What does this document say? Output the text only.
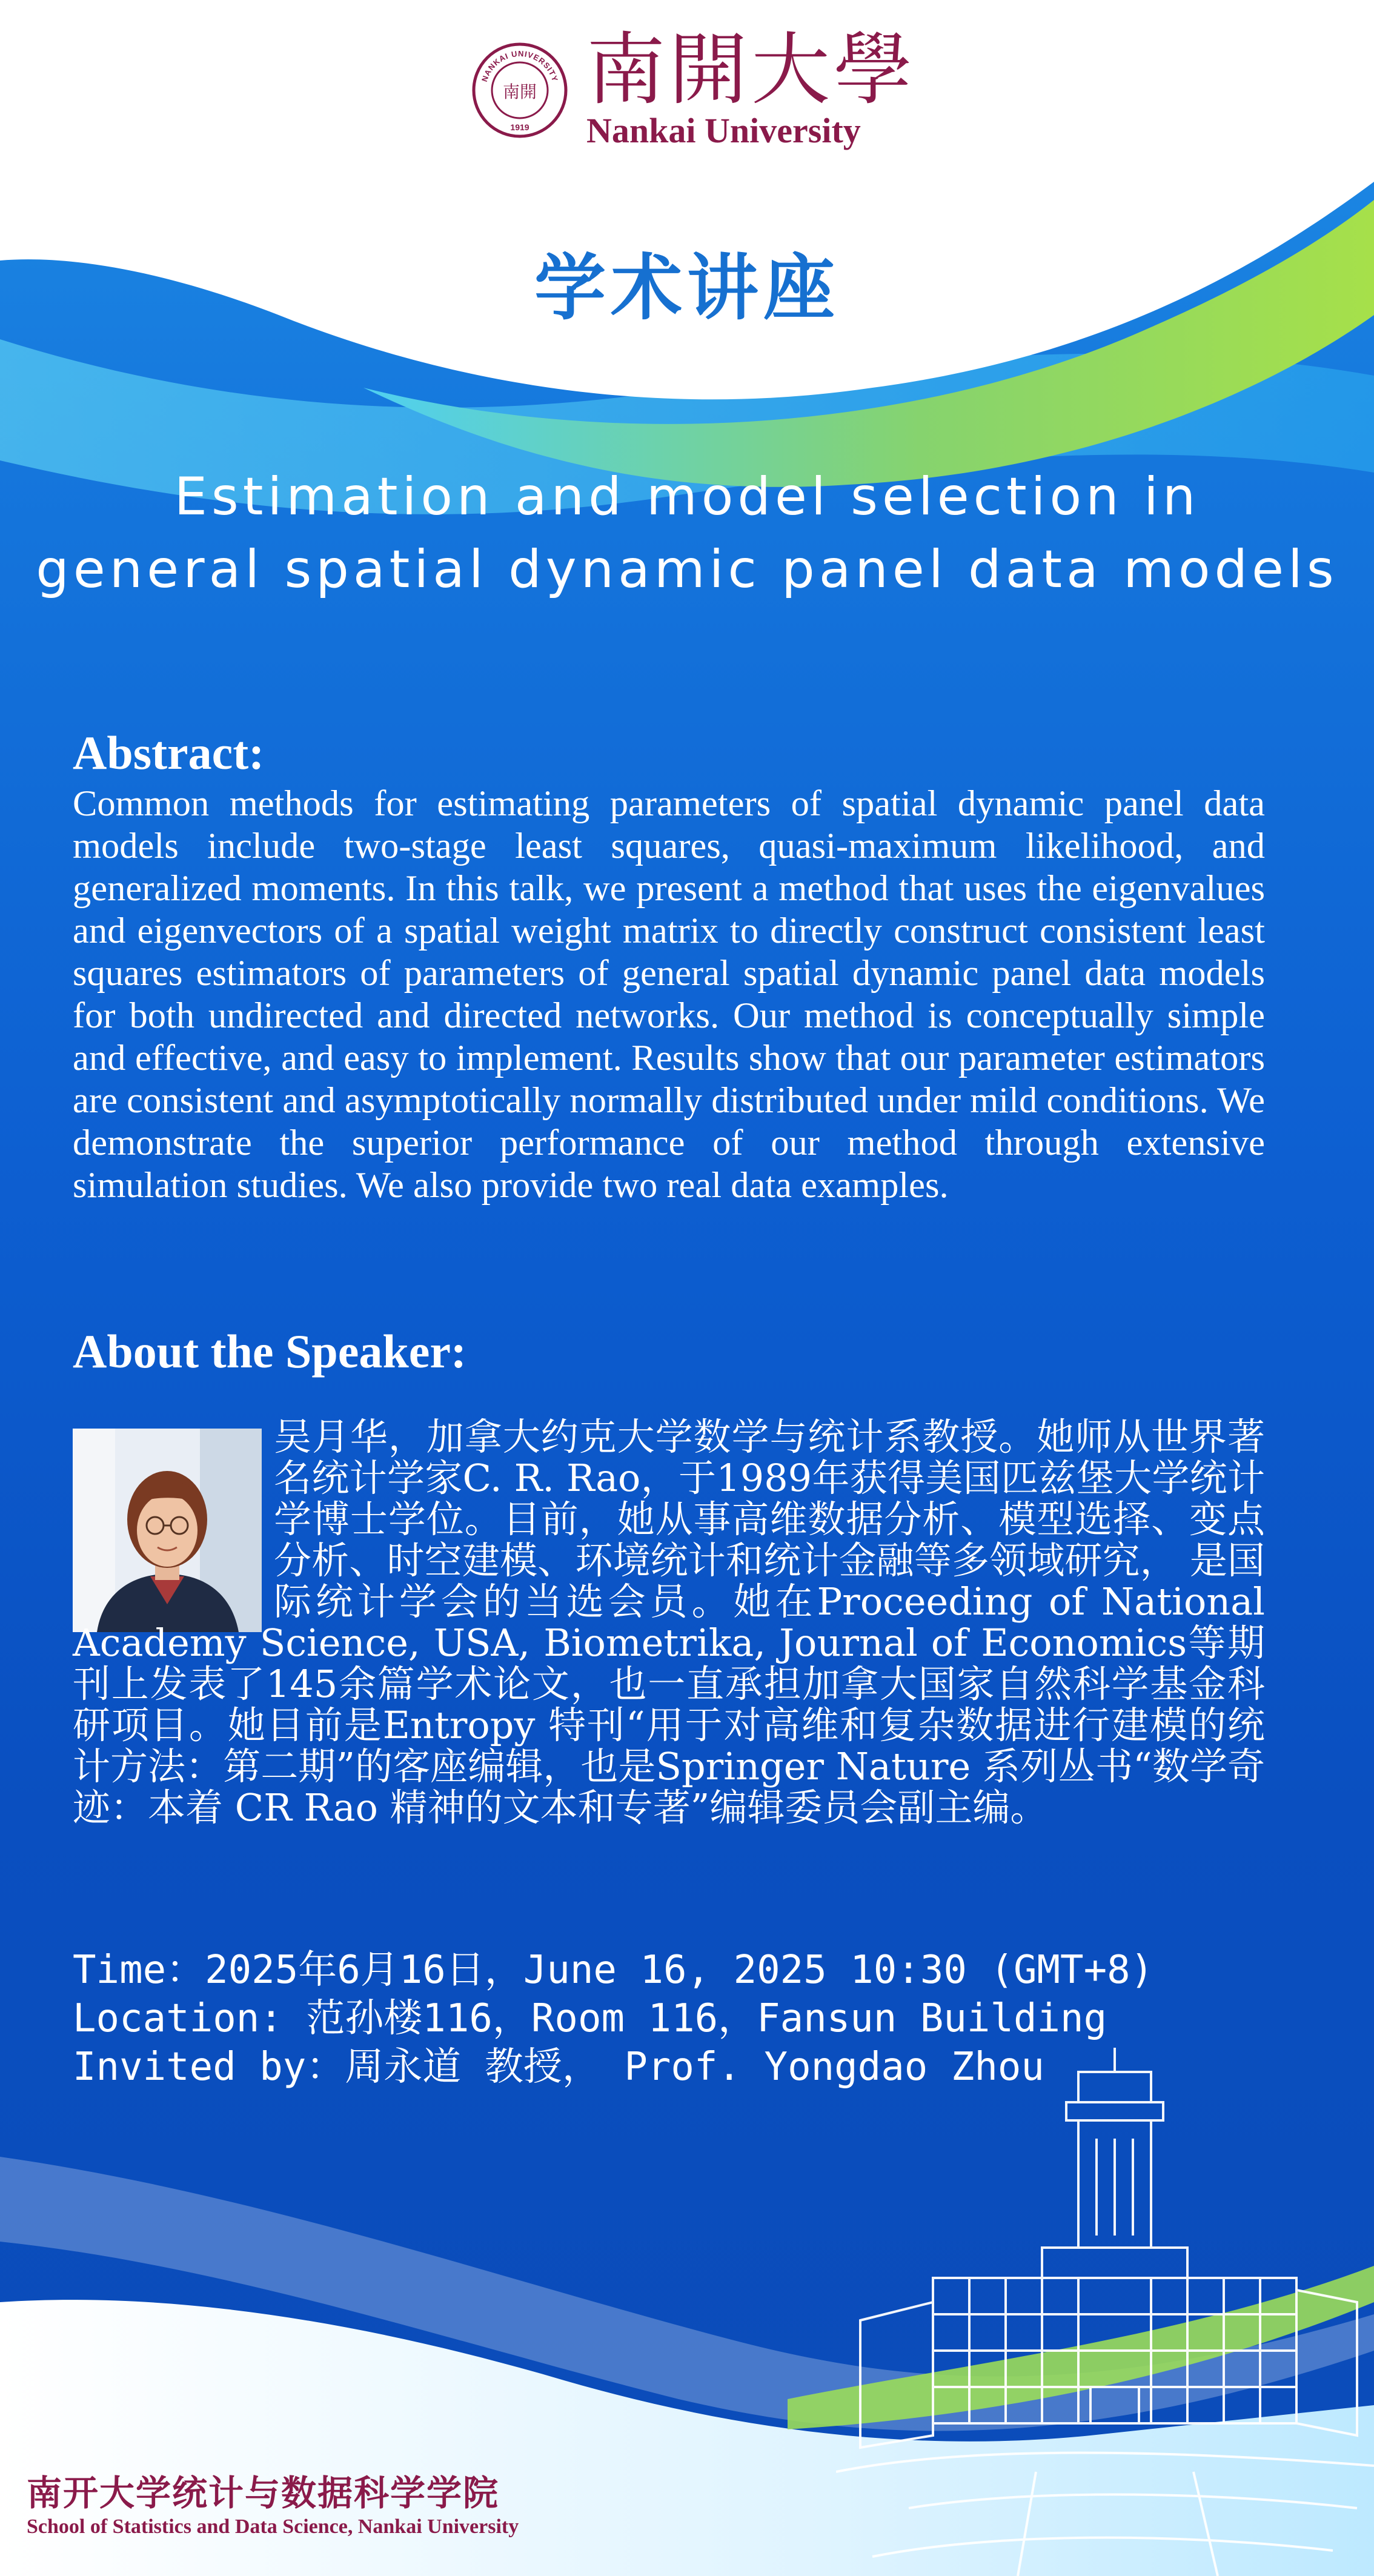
NANKAI UNIVERSITY
南開
1919
南開大學
Nankai University
学术讲座
Estimation and model selection in
general spatial dynamic panel data models
Abstract:
Common methods for estimating parameters of spatial dynamic panel data models include two-stage least squares, quasi-maximum likelihood, and generalized moments. In this talk, we present a method that uses the eigenvalues and eigenvectors of a spatial weight matrix to directly construct consistent least squares estimators of parameters of general spatial dynamic panel data models for both undirected and directed networks. Our method is conceptually simple and effective, and easy to implement. Results show that our parameter estimators are consistent and asymptotically normally distributed under mild conditions. We demonstrate the superior performance of our method through extensive simulation studies. We also provide two real data examples.
About the Speaker:
吴月华，加拿大约克大学数学与统计系教授。她师从世界著名统计学家C. R. Rao，于1989年获得美国匹兹堡大学统计学博士学位。目前，她从事高维数据分析、模型选择、变点分析、时空建模、环境统计和统计金融等多领域研究， 是国际统计学会的当选会员。她在Proceeding of National Academy Science, USA, Biometrika, Journal of Economics等期刊上发表了145余篇学术论文，也一直承担加拿大国家自然科学基金科研项目。她目前是Entropy 特刊“用于对高维和复杂数据进行建模的统计方法：第二期”的客座编辑，也是Springer Nature 系列丛书“数学奇迹：本着 CR Rao 精神的文本和专著”编辑委员会副主编。
Time：2025年6月16日，June 16, 2025 10:30 (GMT+8)
Location: 范孙楼116，Room 116，Fansun Building
Invited by：周永道 教授， Prof. Yongdao Zhou
南开大学统计与数据科学学院
School of Statistics and Data Science, Nankai University
